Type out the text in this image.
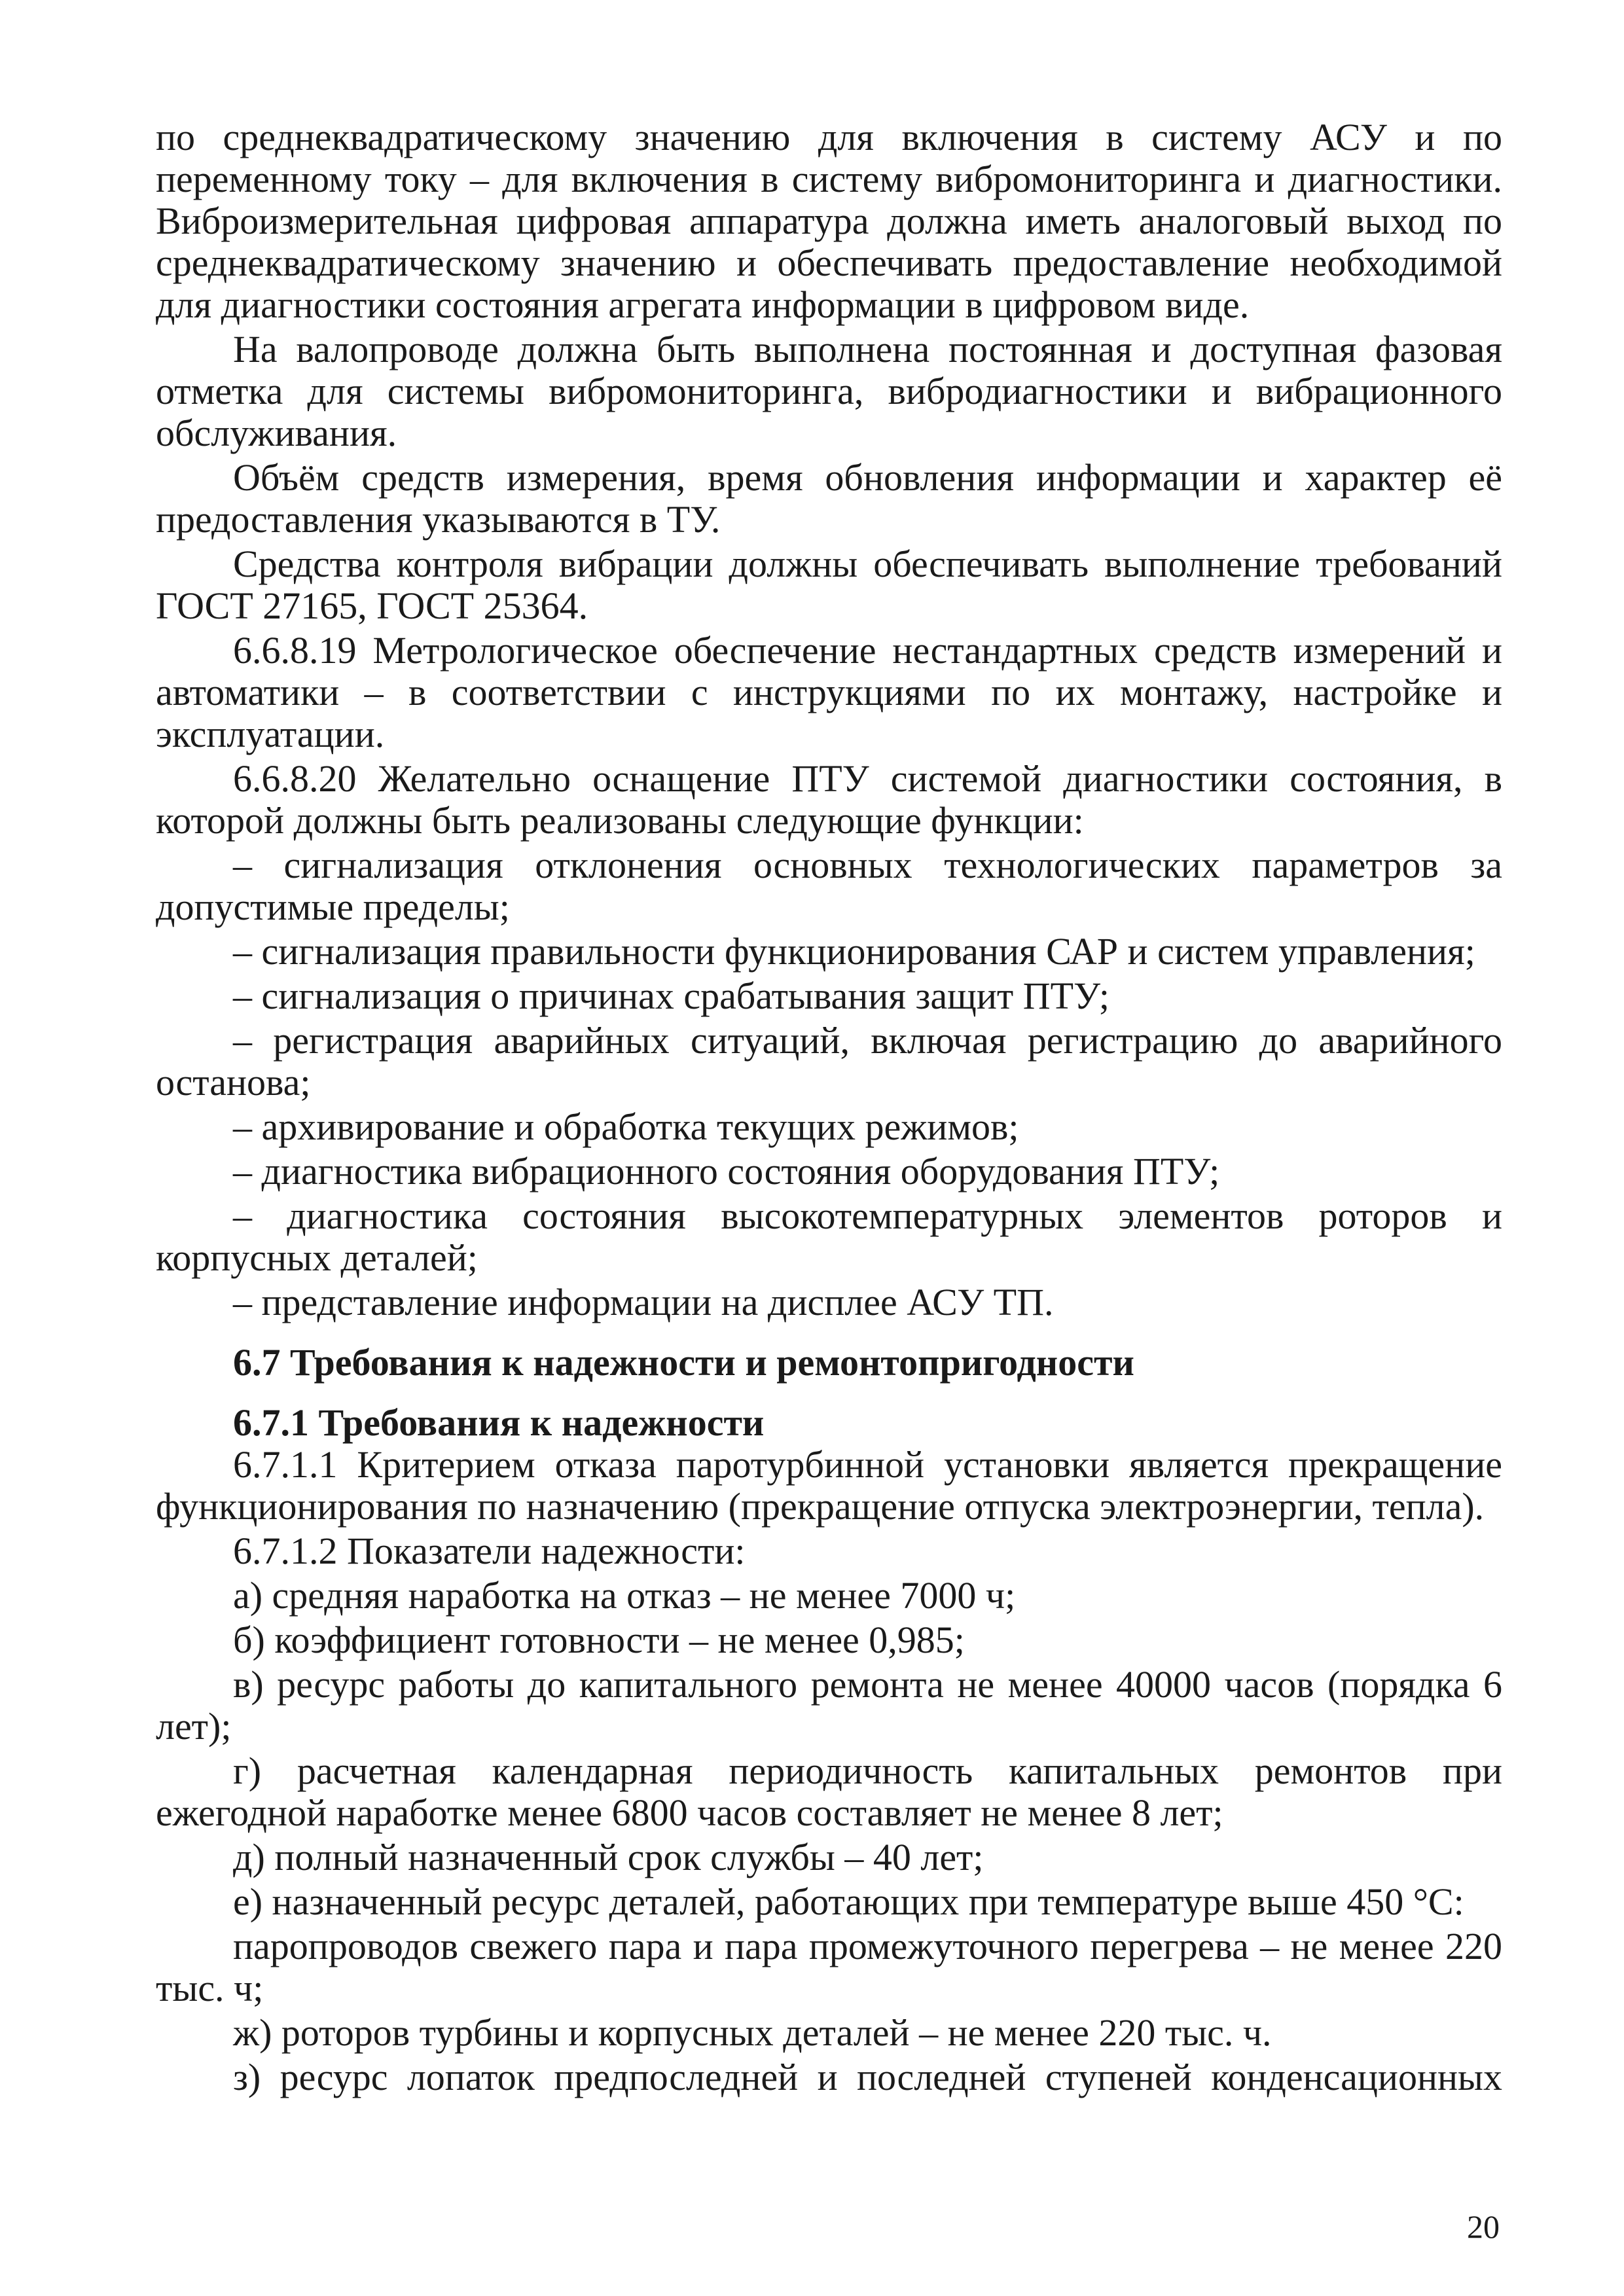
по среднеквадратическому значению для включения в систему АСУ и по переменному току – для включения в систему вибромониторинга и диагностики. Виброизмерительная цифровая аппаратура должна иметь аналоговый выход по среднеквадратическому значению и обеспечивать предоставление необходимой для диагностики состояния агрегата информации в цифровом виде.

На валопроводе должна быть выполнена постоянная и доступная фазовая отметка для системы вибромониторинга, вибродиагностики и вибрационного обслуживания.

Объём средств измерения, время обновления информации и характер её предоставления указываются в ТУ.

Средства контроля вибрации должны обеспечивать выполнение требований ГОСТ 27165, ГОСТ 25364.

6.6.8.19 Метрологическое обеспечение нестандартных средств измерений и автоматики – в соответствии с инструкциями по их монтажу, настройке и эксплуатации.

6.6.8.20 Желательно оснащение ПТУ системой диагностики состояния, в которой должны быть реализованы следующие функции:

– сигнализация отклонения основных технологических параметров за допустимые пределы;

– сигнализация правильности функционирования САР и систем управления;

– сигнализация о причинах срабатывания защит ПТУ;

– регистрация аварийных ситуаций, включая регистрацию до аварийного останова;

– архивирование и обработка текущих режимов;

– диагностика вибрационного состояния оборудования ПТУ;

– диагностика состояния высокотемпературных элементов роторов и корпусных деталей;

– представление информации на дисплее АСУ ТП.

6.7 Требования к надежности и ремонтопригодности

6.7.1 Требования к надежности

6.7.1.1 Критерием отказа паротурбинной установки является прекращение функционирования по назначению (прекращение отпуска электроэнергии, тепла).

6.7.1.2 Показатели надежности:

а) средняя наработка на отказ – не менее 7000 ч;

б) коэффициент готовности – не менее 0,985;

в) ресурс работы до капитального ремонта не менее 40000 часов (порядка 6 лет);

г) расчетная календарная периодичность капитальных ремонтов при ежегодной наработке менее 6800 часов составляет не менее 8 лет;

д) полный назначенный срок службы – 40 лет;

е) назначенный ресурс деталей, работающих при температуре выше 450 °С:

паропроводов свежего пара и пара промежуточного перегрева – не менее 220 тыс. ч;

ж) роторов турбины и корпусных деталей – не менее 220 тыс. ч.

з) ресурс лопаток предпоследней и последней ступеней конденсационных

20
